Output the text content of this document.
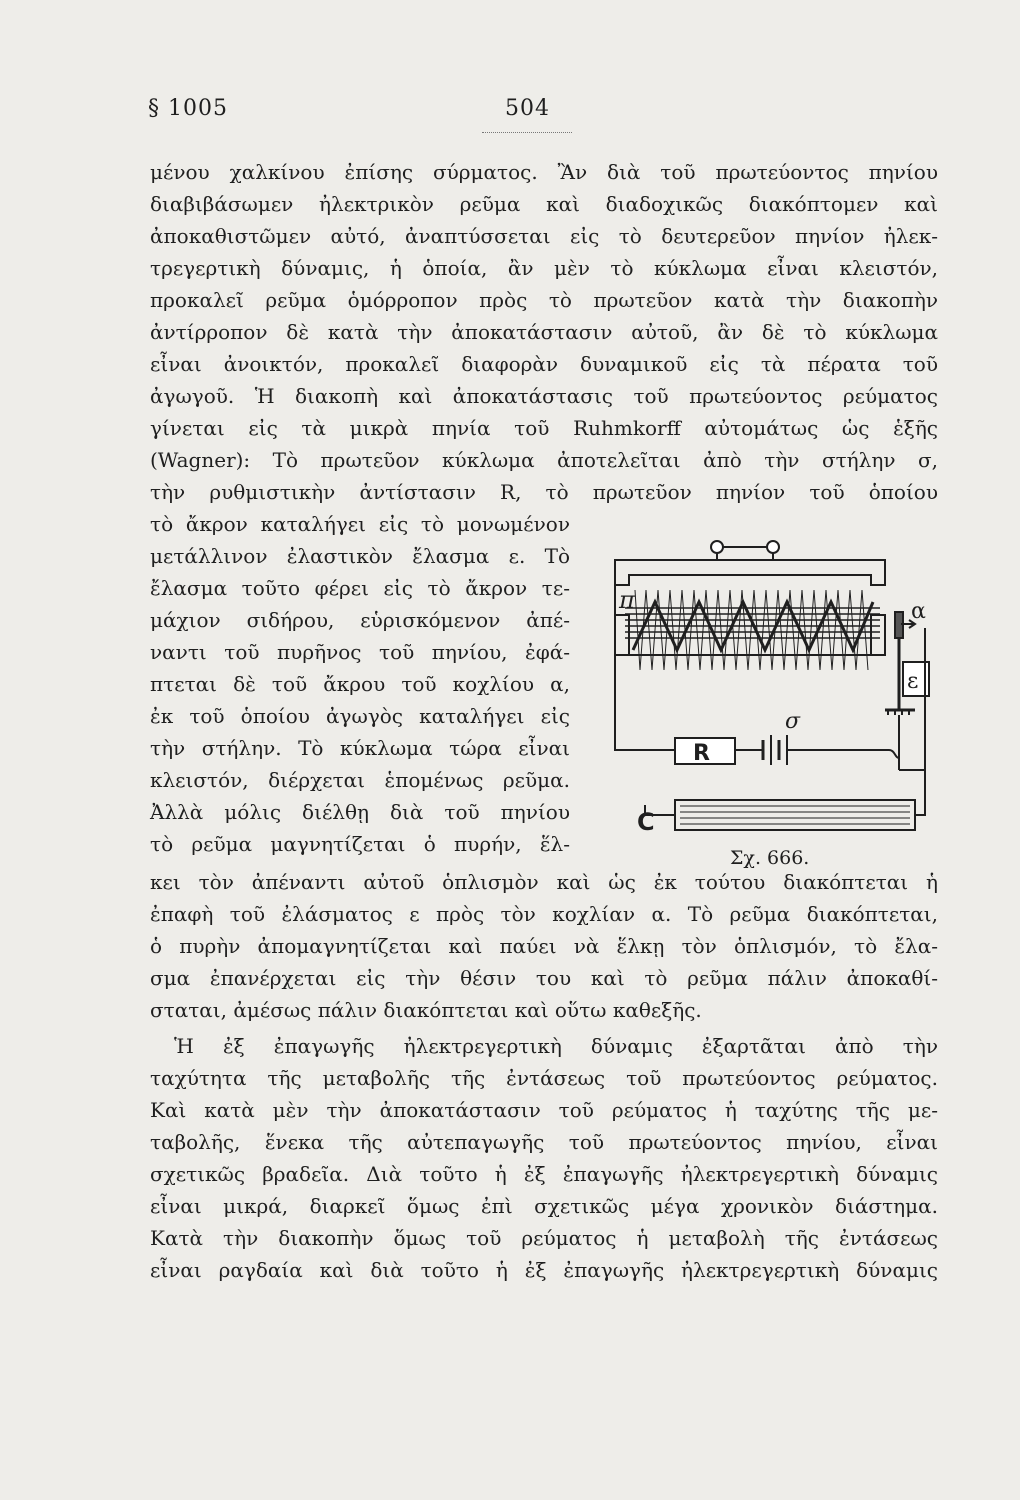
§ 1005	504
μένου χαλκίνου ἐπίσης σύρματος. Ἂν διὰ τοῦ πρωτεύοντος πηνίου
διαβιβάσωμεν ἠλεκτρικὸν ρεῦμα καὶ διαδοχικῶς διακόπτομεν καὶ
ἀποκαθιστῶμεν αὐτό, ἀναπτύσσεται εἰς τὸ δευτερεῦον πηνίον ἠλεκ-
τρεγερτικὴ δύναμις, ἡ ὁποία, ἂν μὲν τὸ κύκλωμα εἶναι κλειστόν,
προκαλεῖ ρεῦμα ὁμόρροπον πρὸς τὸ πρωτεῦον κατὰ τὴν διακοπὴν
ἀντίρροπον δὲ κατὰ τὴν ἀποκατάστασιν αὐτοῦ, ἂν δὲ τὸ κύκλωμα
εἶναι ἀνοικτόν, προκαλεῖ διαφορὰν δυναμικοῦ εἰς τὰ πέρατα τοῦ
ἀγωγοῦ. Ἡ διακοπὴ καὶ ἀποκατάστασις τοῦ πρωτεύοντος ρεύματος
γίνεται εἰς τὰ μικρὰ πηνία τοῦ Ruhmkorff αὐτομάτως ὡς ἑξῆς
(Wagner): Τὸ πρωτεῦον κύκλωμα ἀποτελεῖται ἀπὸ τὴν στήλην σ,
τὴν ρυθμιστικὴν ἀντίστασιν R, τὸ πρωτεῦον πηνίον τοῦ ὁποίου
τὸ ἄκρον καταλήγει εἰς τὸ μονωμένον
μετάλλινον ἐλαστικὸν ἔλασμα ε. Τὸ
ἔλασμα τοῦτο φέρει εἰς τὸ ἄκρον τε-
μάχιον σιδήρου, εὑρισκόμενον ἀπέ-
ναντι τοῦ πυρῆνος τοῦ πηνίου, ἐφά-
πτεται δὲ τοῦ ἄκρου τοῦ κοχλίου α,
ἐκ τοῦ ὁποίου ἀγωγὸς καταλήγει εἰς
τὴν στήλην. Τὸ κύκλωμα τώρα εἶναι
κλειστόν, διέρχεται ἑπομένως ρεῦμα.
Ἀλλὰ μόλις διέλθῃ διὰ τοῦ πηνίου
τὸ ρεῦμα μαγνητίζεται ὁ πυρήν, ἕλ-
κει τὸν ἀπέναντι αὐτοῦ ὁπλισμὸν καὶ ὡς ἐκ τούτου διακόπτεται ἡ
ἐπαφὴ τοῦ ἐλάσματος ε πρὸς τὸν κοχλίαν α. Τὸ ρεῦμα διακόπτεται,
ὁ πυρὴν ἀπομαγνητίζεται καὶ παύει νὰ ἕλκῃ τὸν ὁπλισμόν, τὸ ἔλα-
σμα ἐπανέρχεται εἰς τὴν θέσιν του καὶ τὸ ρεῦμα πάλιν ἀποκαθί-
σταται, ἀμέσως πάλιν διακόπτεται καὶ οὕτω καθεξῆς.
Ἡ ἐξ ἐπαγωγῆς ἠλεκτρεγερτικὴ δύναμις ἐξαρτᾶται ἀπὸ τὴν
ταχύτητα τῆς μεταβολῆς τῆς ἐντάσεως τοῦ πρωτεύοντος ρεύματος.
Καὶ κατὰ μὲν τὴν ἀποκατάστασιν τοῦ ρεύματος ἡ ταχύτης τῆς με-
ταβολῆς, ἕνεκα τῆς αὐτεπαγωγῆς τοῦ πρωτεύοντος πηνίου, εἶναι
σχετικῶς βραδεῖα. Διὰ τοῦτο ἡ ἐξ ἐπαγωγῆς ἠλεκτρεγερτικὴ δύναμις
εἶναι μικρά, διαρκεῖ ὅμως ἐπὶ σχετικῶς μέγα χρονικὸν διάστημα.
Κατὰ τὴν διακοπὴν ὅμως τοῦ ρεύματος ἡ μεταβολὴ τῆς ἐντάσεως
εἶναι ραγδαία καὶ διὰ τοῦτο ἡ ἐξ ἐπαγωγῆς ἠλεκτρεγερτικὴ δύναμις
π	α
ε
R
σ
C
Σχ. 666.
